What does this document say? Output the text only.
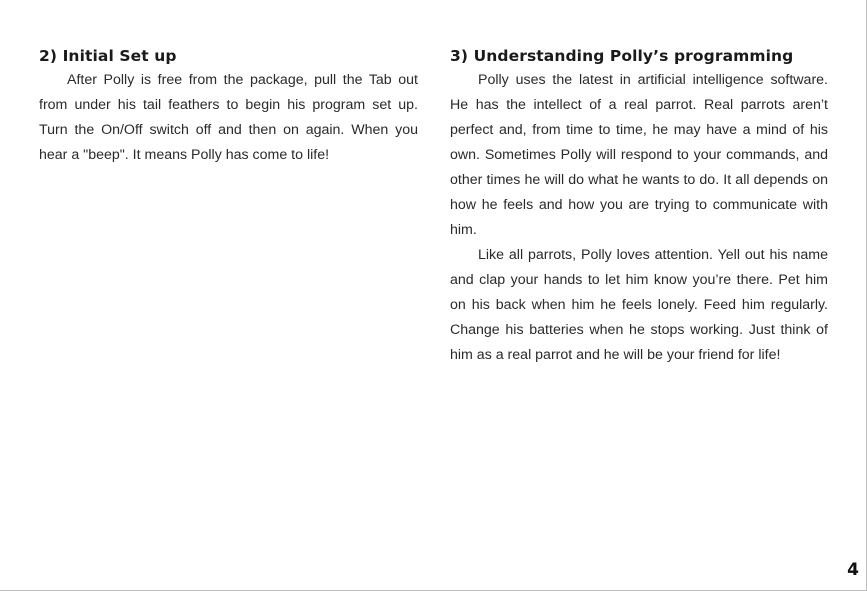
2) Initial Set up

After Polly is free from the package, pull the Tab out from under his tail feathers to begin his program set up. Turn the On/Off switch off and then on again. When you hear a "beep". It means Polly has come to life!

3) Understanding Polly’s programming

Polly uses the latest in artificial intelligence software. He has the intellect of a real parrot. Real parrots aren’t perfect and, from time to time, he may have a mind of his own. Sometimes Polly will respond to your commands, and other times he will do what he wants to do. It all depends on how he feels and how you are trying to communicate with him.

Like all parrots, Polly loves attention. Yell out his name and clap your hands to let him know you’re there. Pet him on his back when him he feels lonely. Feed him regularly. Change his batteries when he stops working. Just think of him as a real parrot and he will be your friend for life!

4
